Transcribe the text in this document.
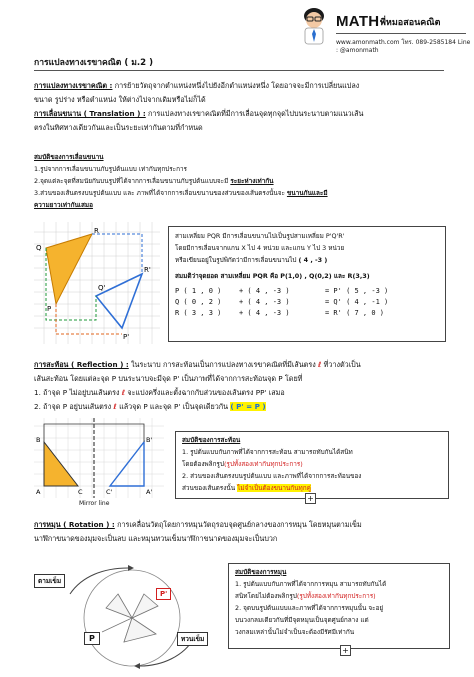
MATH พี่หมอสอนคณิต
www.amonmath.com โทร. 089-2585184 Line : @amonmath
การแปลงทางเรขาคณิต ( ม.2 )
การแปลงทางเรขาคณิต : การย้ายวัตถุจากตำแหน่งหนึ่งไปยังอีกตำแหน่งหนึ่ง โดยอาจจะมีการเปลี่ยนแปลง
ขนาด รูปร่าง หรือตำแหน่ง ให้ต่างไปจากเดิมหรือไม่ก็ได้
การเลื่อนขนาน ( Translation ) : การแปลงทางเรขาคณิตที่มีการเลื่อนจุดทุกจุดไปบนระนาบตามแนวเส้น
ตรงในทิศทางเดียวกันและเป็นระยะเท่ากันตามที่กำหนด
สมบัติของการเลื่อนขนาน
1.รูปจากการเลื่อนขนานกับรูปต้นแบบ เท่ากันทุกประการ
2.จุดแต่ละจุดที่สมนัยกันบนรูปที่ได้จากการเลื่อนขนานกับรูปต้นแบบจะมี ระยะห่างเท่ากัน
3.ส่วนของเส้นตรงบนรูปต้นแบบ และ ภาพที่ได้จากการเลื่อนขนานของส่วนของเส้นตรงนั้นจะ ขนานกันและมี
ความยาวเท่ากันเสมอ
Q
P
R
Q'
R'
P'
สามเหลี่ยม PQR มีการเลื่อนขนานไปเป็นรูปสามเหลี่ยม P'Q'R'
โดยมีการเลื่อนจากแกน X ไป 4 หน่วย และแกน Y ไป 3 หน่วย
หรือเขียนอยู่ในรูปพิกัดว่ามีการเลื่อนขนานไป ( 4 , -3 )
สมมติว่าจุดยอด สามเหลี่ยม PQR คือ P(1,0) , Q(0,2) และ R(3,3)
P ( 1 , 0 )	+ ( 4 , -3 )	= P' ( 5 , -3 )
Q ( 0 , 2 )	+ ( 4 , -3 )	= Q' ( 4 , -1 )
R ( 3 , 3 )	+ ( 4 , -3 )	= R' ( 7 , 0 )
การสะท้อน ( Reflection ) : ในระนาบ การสะท้อนเป็นการแปลงทางเรขาคณิตที่มีเส้นตรง ℓ ที่วางตัวเป็น
เส้นสะท้อน โดยแต่ละจุด P บนระนาบจะมีจุด P' เป็นภาพที่ได้จากการสะท้อนจุด P โดยที่
1. ถ้าจุด P ไม่อยู่บนเส้นตรง ℓ จะแบ่งครึ่งและตั้งฉากกับส่วนของเส้นตรง PP' เสมอ
2. ถ้าจุด P อยู่บนเส้นตรง ℓ แล้วจุด P และจุด P' เป็นจุดเดียวกัน ( P' = P )
A
B
C	C'
B'
A'
Mirror line
สมบัติของการสะท้อน
1. รูปต้นแบบกับภาพที่ได้จากการสะท้อน สามารถทับกันได้สนิท
โดยต้องพลิกรูป(รูปทั้งสองเท่ากันทุกประการ)
2. ส่วนของเส้นตรงบนรูปต้นแบบ และภาพที่ได้จากการสะท้อนของ
ส่วนของเส้นตรงนั้น ไม่จำเป็นต้องขนานกันทุกคู่
+
การหมุน ( Rotation ) : การเคลื่อนวัตถุโดยการหมุนวัตถุรอบจุดศูนย์กลางของการหมุน โดยหมุนตามเข็ม
นาฬิกาขนาดของมุมจะเป็นลบ และหมุนทวนเข็มนาฬิกาขนาดของมุมจะเป็นบวก
ตามเข็ม
ทวนเข็ม
P
P'
สมบัติของการหมุน
1. รูปต้นแบบกับภาพที่ได้จากการหมุน สามารถทับกันได้
สนิทโดยไม่ต้องพลิกรูป(รูปทั้งสองเท่ากันทุกประการ)
2. จุดบนรูปต้นแบบและภาพที่ได้จากการหมุนนั้น จะอยู่
บนวงกลมเดียวกันที่มีจุดหมุนเป็นจุดศูนย์กลาง แต่
วงกลมเหล่านั้นไม่จำเป็นจะต้องมีรัศมีเท่ากัน
+
